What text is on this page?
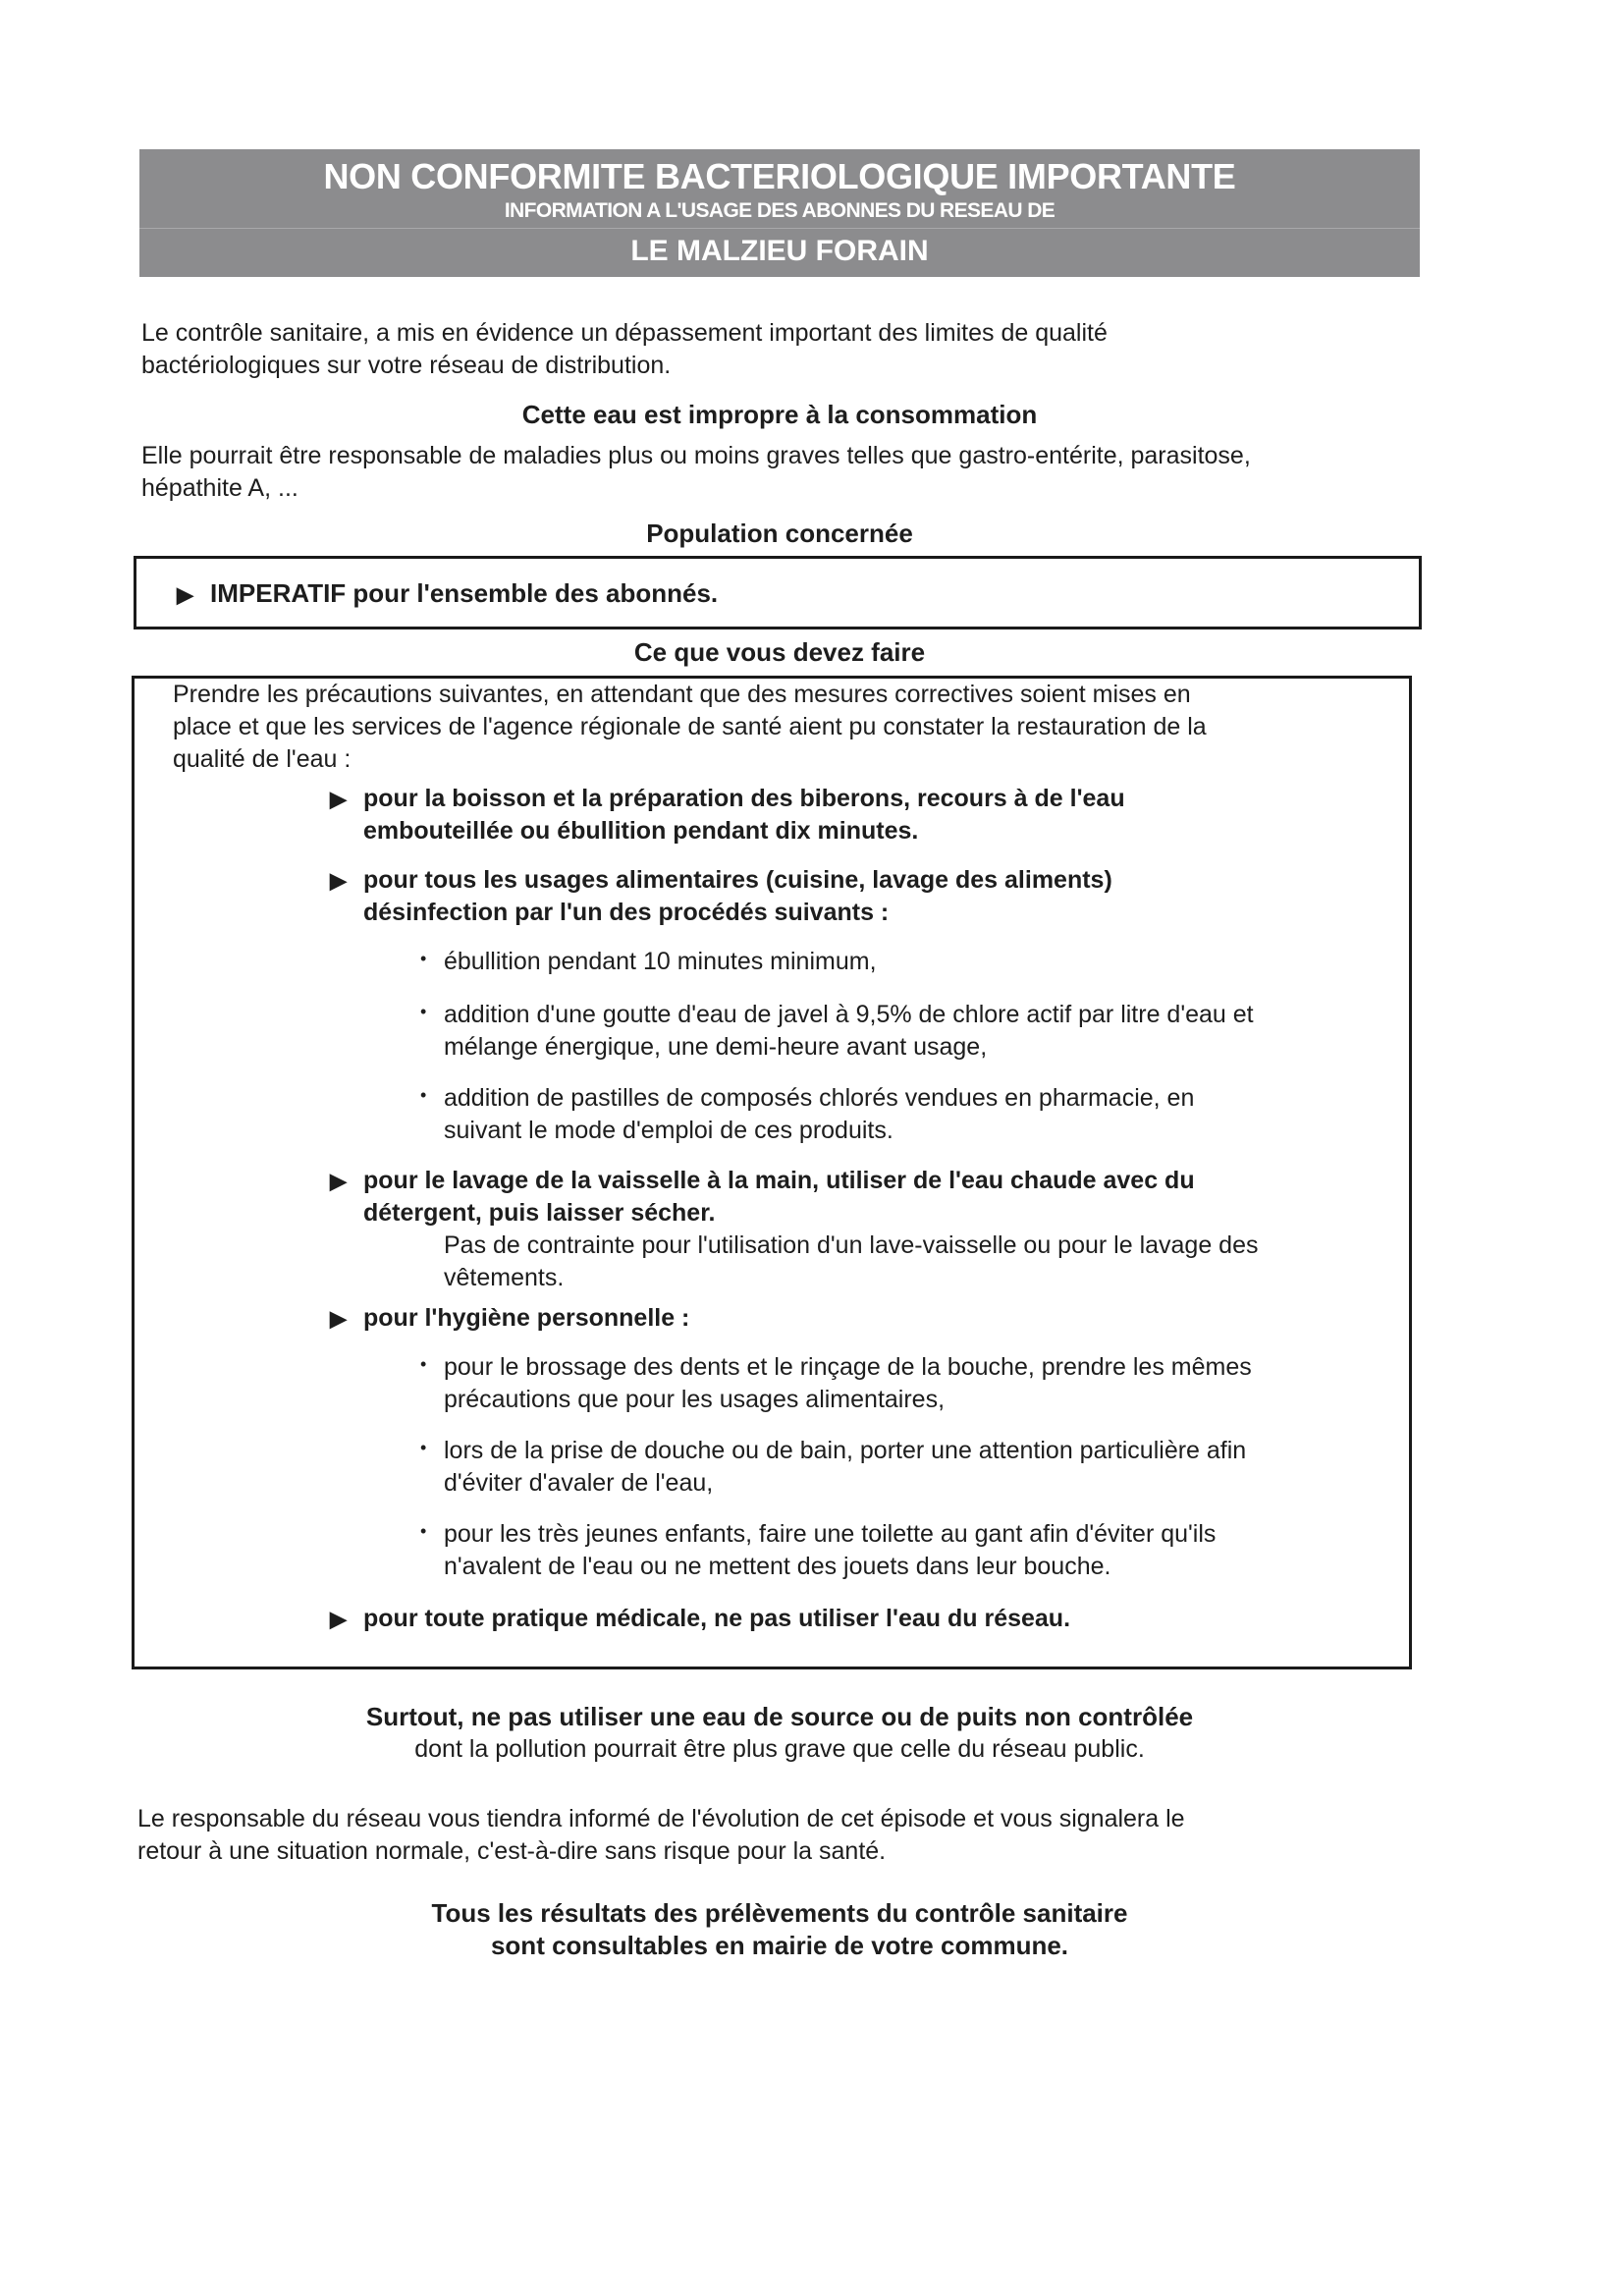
NON CONFORMITE BACTERIOLOGIQUE IMPORTANTE
INFORMATION A L'USAGE DES ABONNES DU RESEAU DE
LE MALZIEU FORAIN
Le contrôle sanitaire, a mis en évidence un dépassement important des limites de qualité
bactériologiques sur votre réseau de distribution.
Cette eau est impropre à la consommation
Elle pourrait être responsable de maladies plus ou moins graves telles que gastro-entérite, parasitose,
hépathite A, ...
Population concernée
▶ IMPERATIF pour l'ensemble des abonnés.
Ce que vous devez faire
Prendre les précautions suivantes, en attendant que des mesures correctives soient mises en
place et que les services de l'agence régionale de santé aient pu constater la restauration de la
qualité de l'eau :
▶ pour la boisson et la préparation des biberons, recours à de l'eau
embouteillée ou ébullition pendant dix minutes.
▶ pour tous les usages alimentaires (cuisine, lavage des aliments)
désinfection par l'un des procédés suivants :
• ébullition pendant 10 minutes minimum,
• addition d'une goutte d'eau de javel à 9,5% de chlore actif par litre d'eau et
mélange énergique, une demi-heure avant usage,
• addition de pastilles de composés chlorés vendues en pharmacie, en
suivant le mode d'emploi de ces produits.
▶ pour le lavage de la vaisselle à la main, utiliser de l'eau chaude avec du
détergent, puis laisser sécher.
Pas de contrainte pour l'utilisation d'un lave-vaisselle ou pour le lavage des
vêtements.
▶ pour l'hygiène personnelle :
• pour le brossage des dents et le rinçage de la bouche, prendre les mêmes
précautions que pour les usages alimentaires,
• lors de la prise de douche ou de bain, porter une attention particulière afin
d'éviter d'avaler de l'eau,
• pour les très jeunes enfants, faire une toilette au gant afin d'éviter qu'ils
n'avalent de l'eau ou ne mettent des jouets dans leur bouche.
▶ pour toute pratique médicale, ne pas utiliser l'eau du réseau.
Surtout, ne pas utiliser une eau de source ou de puits non contrôlée
dont la pollution pourrait être plus grave que celle du réseau public.
Le responsable du réseau vous tiendra informé de l'évolution de cet épisode et vous signalera le
retour à une situation normale, c'est-à-dire sans risque pour la santé.
Tous les résultats des prélèvements du contrôle sanitaire
sont consultables en mairie de votre commune.
